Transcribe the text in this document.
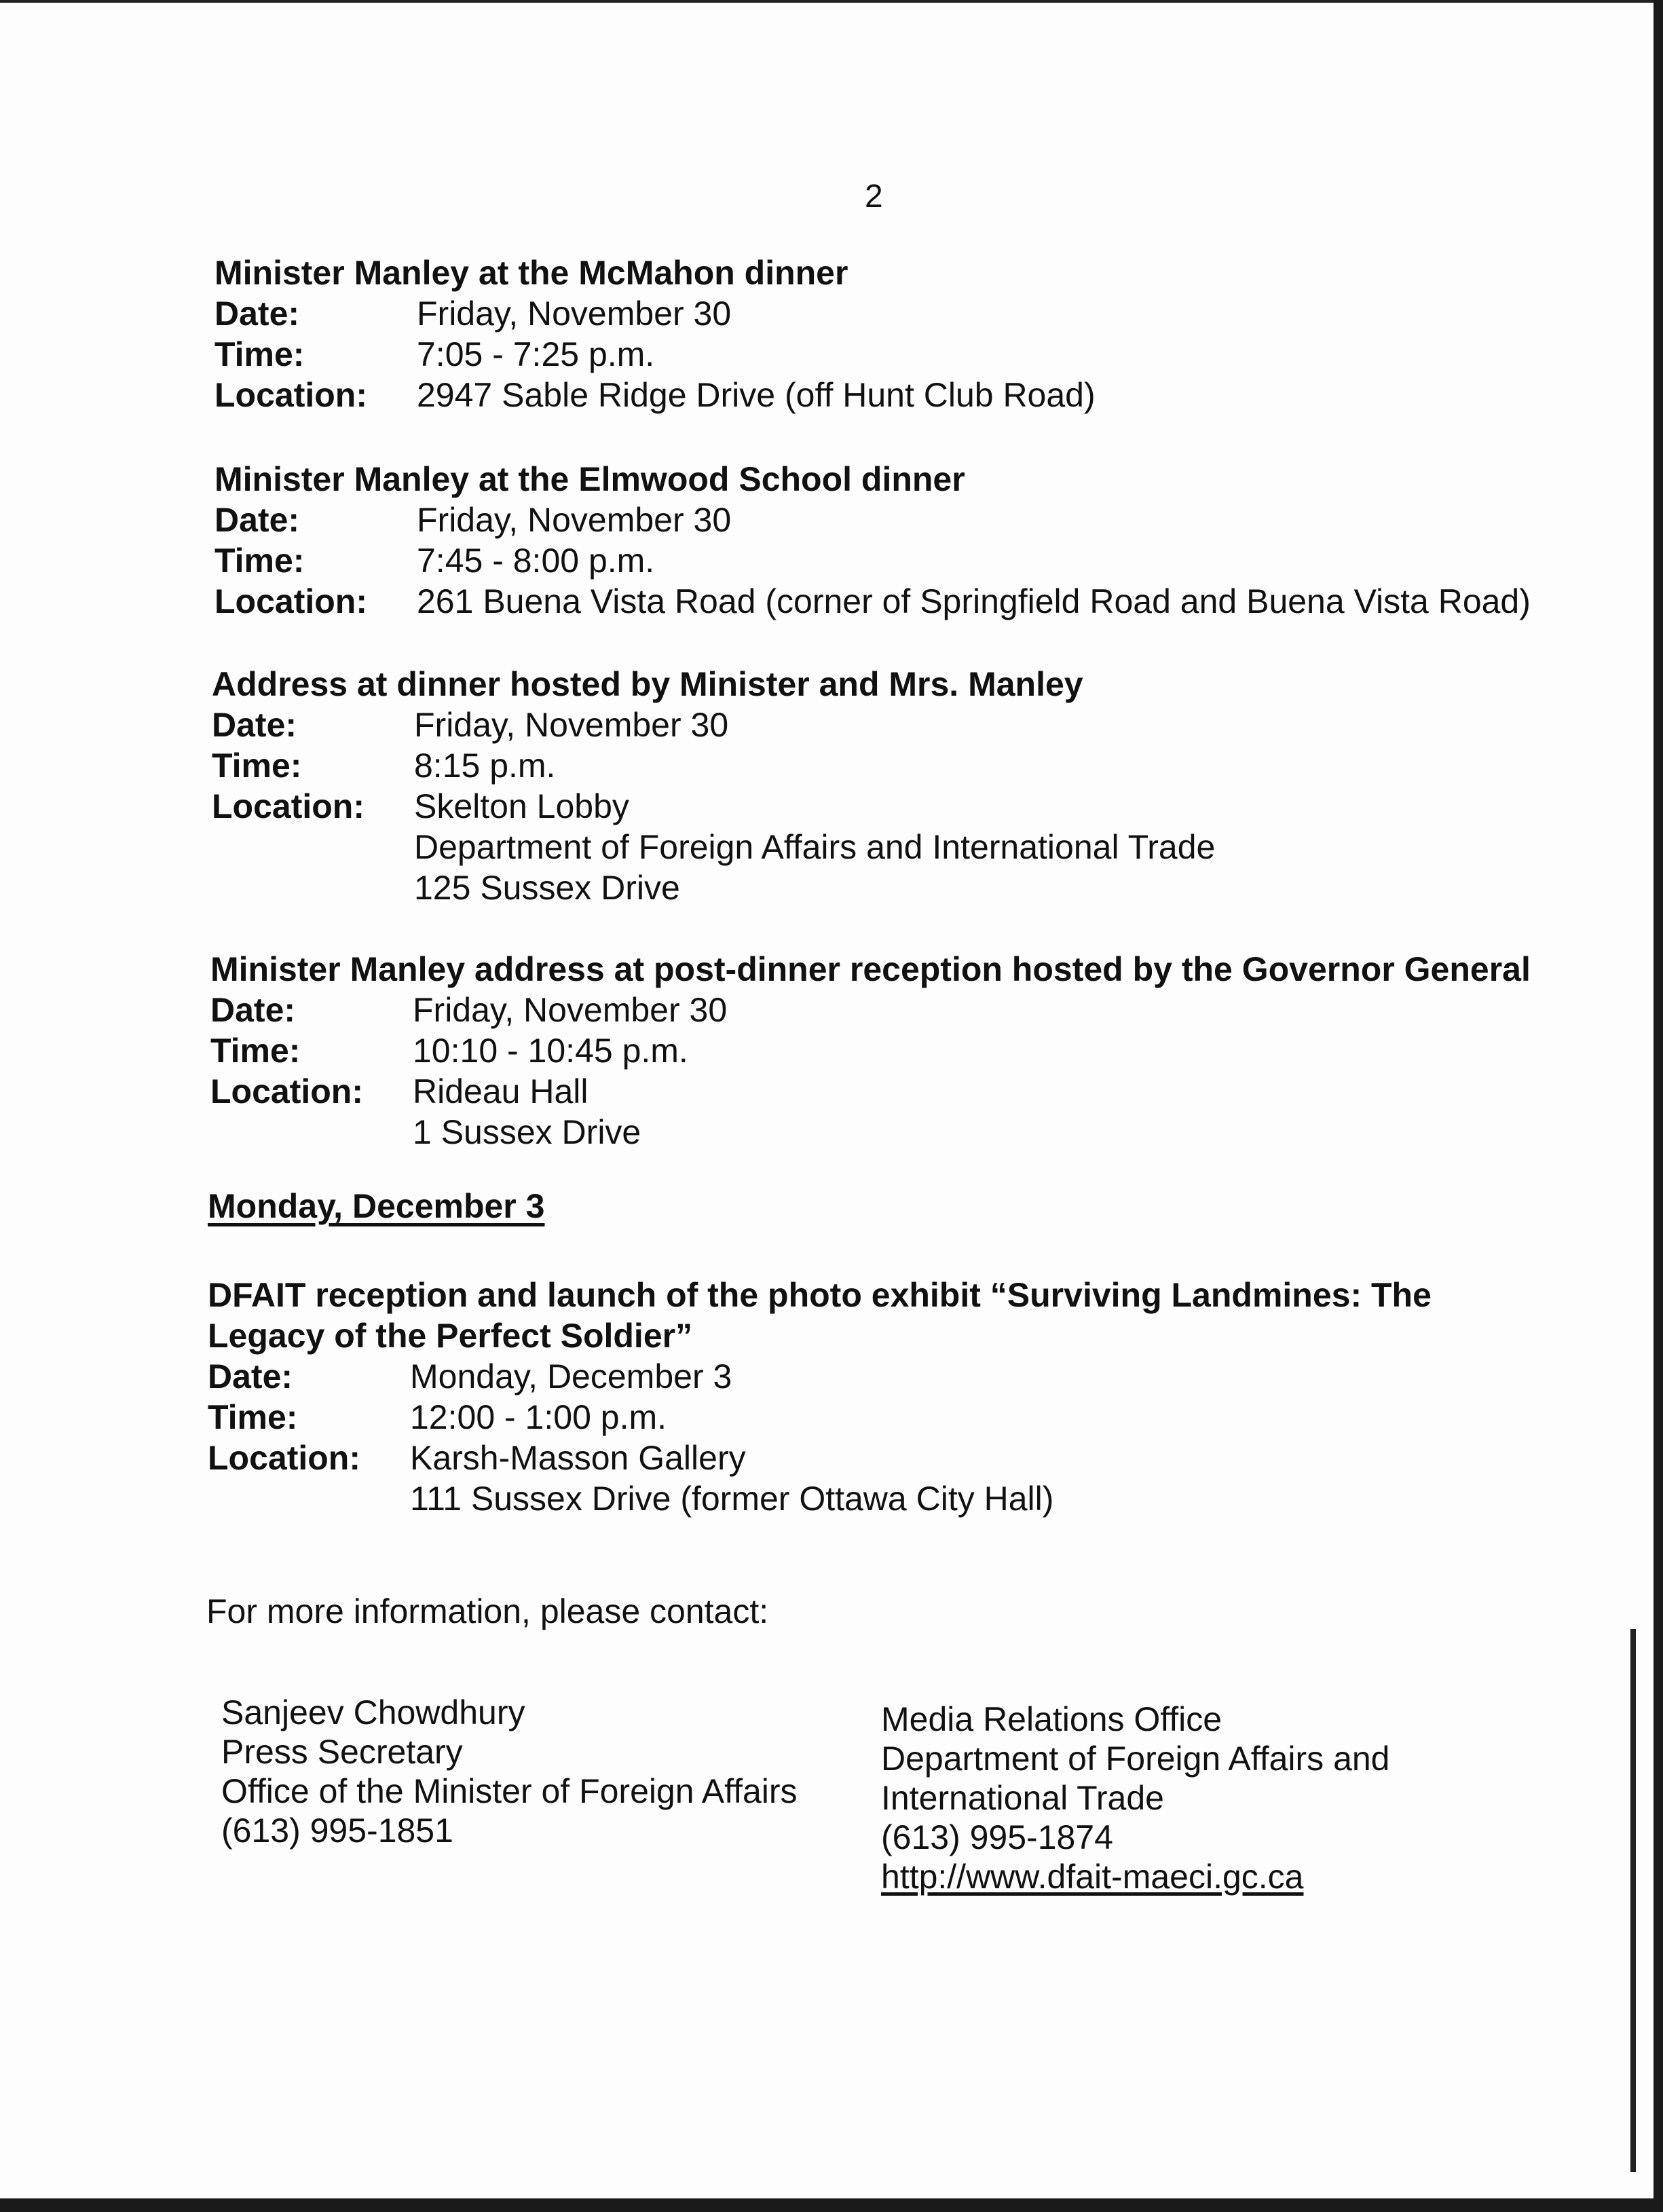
2

Minister Manley at the McMahon dinner

Date:	Friday, November 30
Time:	7:05 - 7:25 p.m.
Location:	2947 Sable Ridge Drive (off Hunt Club Road)

Minister Manley at the Elmwood School dinner

Date:	Friday, November 30
Time:	7:45 - 8:00 p.m.
Location:	261 Buena Vista Road (corner of Springfield Road and Buena Vista Road)

Address at dinner hosted by Minister and Mrs. Manley

Date:	Friday, November 30
Time:	8:15 p.m.
Location:	Skelton Lobby
Department of Foreign Affairs and International Trade
125 Sussex Drive

Minister Manley address at post-dinner reception hosted by the Governor General

Date:	Friday, November 30
Time:	10:10 - 10:45 p.m.
Location:	Rideau Hall
1 Sussex Drive
Monday, December 3

DFAIT reception and launch of the photo exhibit “Surviving Landmines: The

Legacy of the Perfect Soldier”

Date:	Monday, December 3
Time:	12:00 - 1:00 p.m.
Location:	Karsh-Masson Gallery
111 Sussex Drive (former Ottawa City Hall)
For more information, please contact:
Sanjeev Chowdhury
Press Secretary
Office of the Minister of Foreign Affairs
(613) 995-1851
Media Relations Office
Department of Foreign Affairs and
International Trade
(613) 995-1874
http://www.dfait-maeci.gc.ca
